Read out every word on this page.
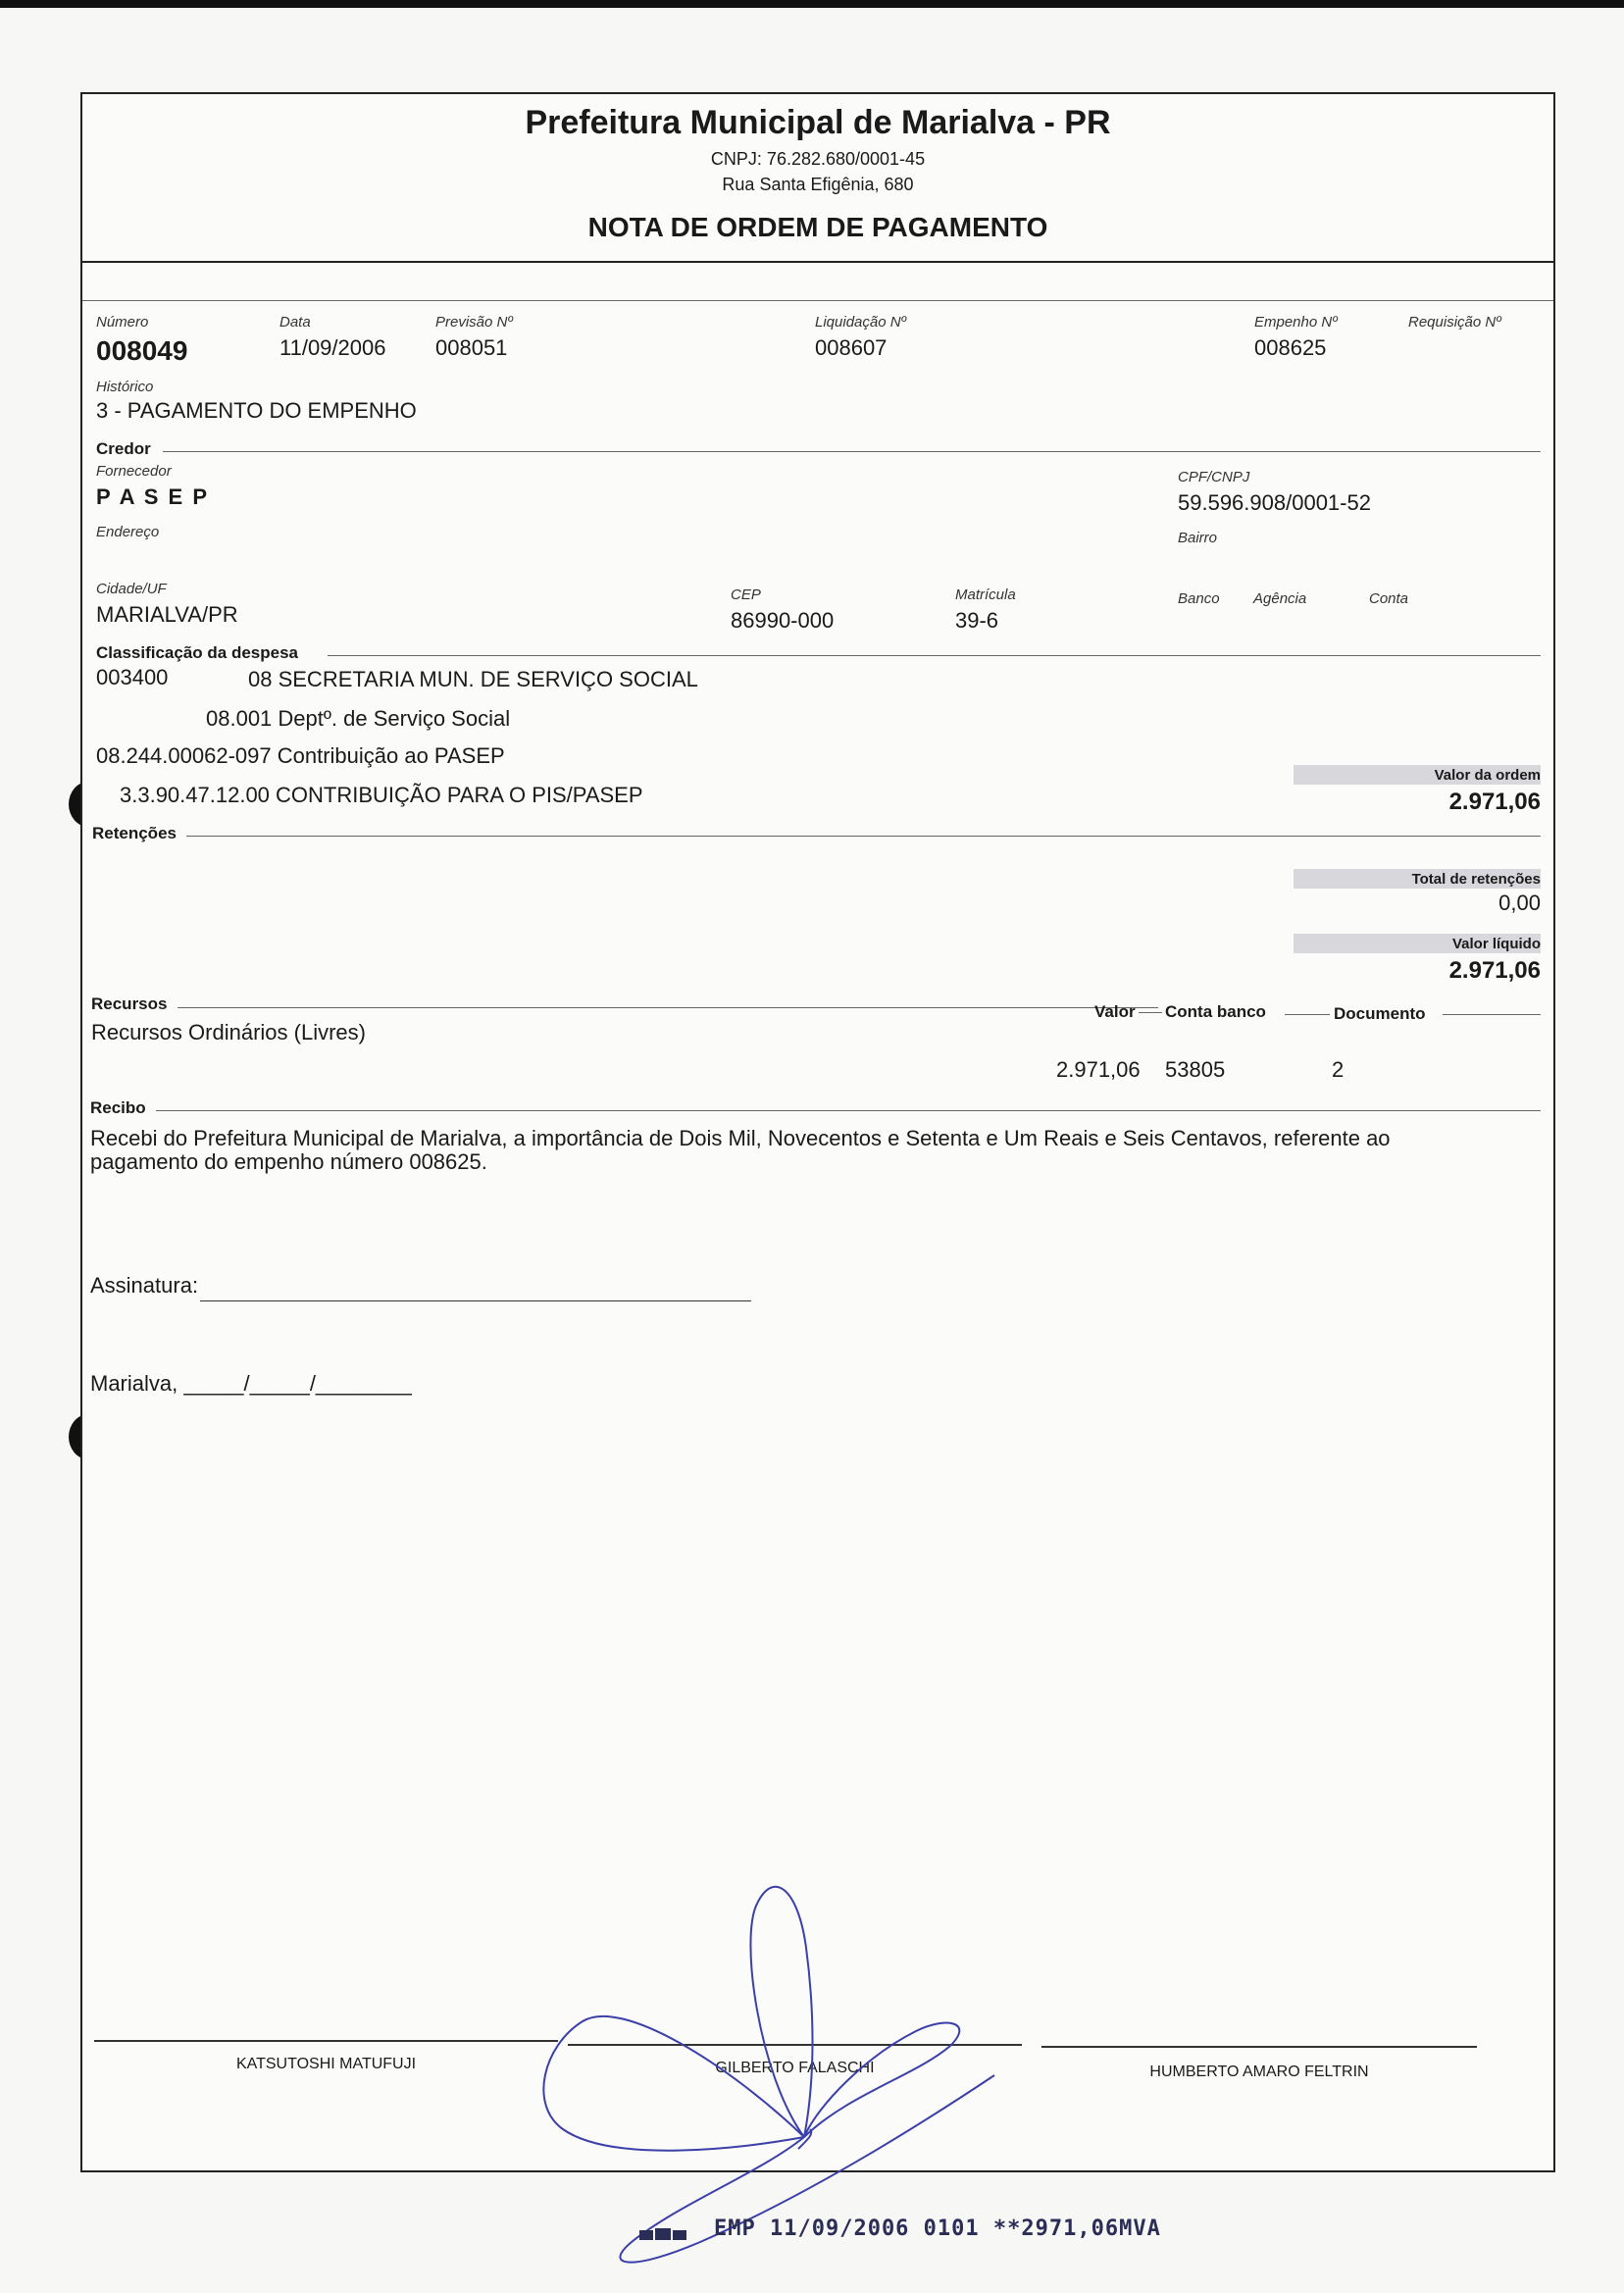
Prefeitura Municipal de Marialva - PR
CNPJ: 76.282.680/0001-45
Rua Santa Efigênia, 680
NOTA DE ORDEM DE PAGAMENTO
Número
008049
Data
11/09/2006
Previsão Nº
008051
Liquidação Nº
008607
Empenho Nº
008625
Requisição Nº
Histórico
3 - PAGAMENTO DO EMPENHO
Credor
Fornecedor
P A S E P
CPF/CNPJ
59.596.908/0001-52
Endereço	Bairro
Cidade/UF
MARIALVA/PR
CEP
86990-000
Matrícula
39-6
Banco Agência	Conta
Classificação da despesa
003400	08 SECRETARIA MUN. DE SERVIÇO SOCIAL
08.001 Deptº. de Serviço Social
08.244.00062-097 Contribuição ao PASEP
3.3.90.47.12.00 CONTRIBUIÇÃO PARA O PIS/PASEP
Valor da ordem
2.971,06
Retenções
Total de retenções
0,00
Valor líquido
2.971,06
Recursos	Valor Conta banco	Documento
Recursos Ordinários (Livres)
2.971,06 53805	2
Recibo
Recebi do Prefeitura Municipal de Marialva, a importância de Dois Mil, Novecentos e Setenta e Um Reais e Seis Centavos, referente ao
pagamento do empenho número 008625.
Assinatura:
Marialva, _____/_____/________
KATSUTOSHI MATUFUJI	GILBERTO FALASCHI	HUMBERTO AMARO FELTRIN
EMP 11/09/2006 0101 **2971,06MVA
